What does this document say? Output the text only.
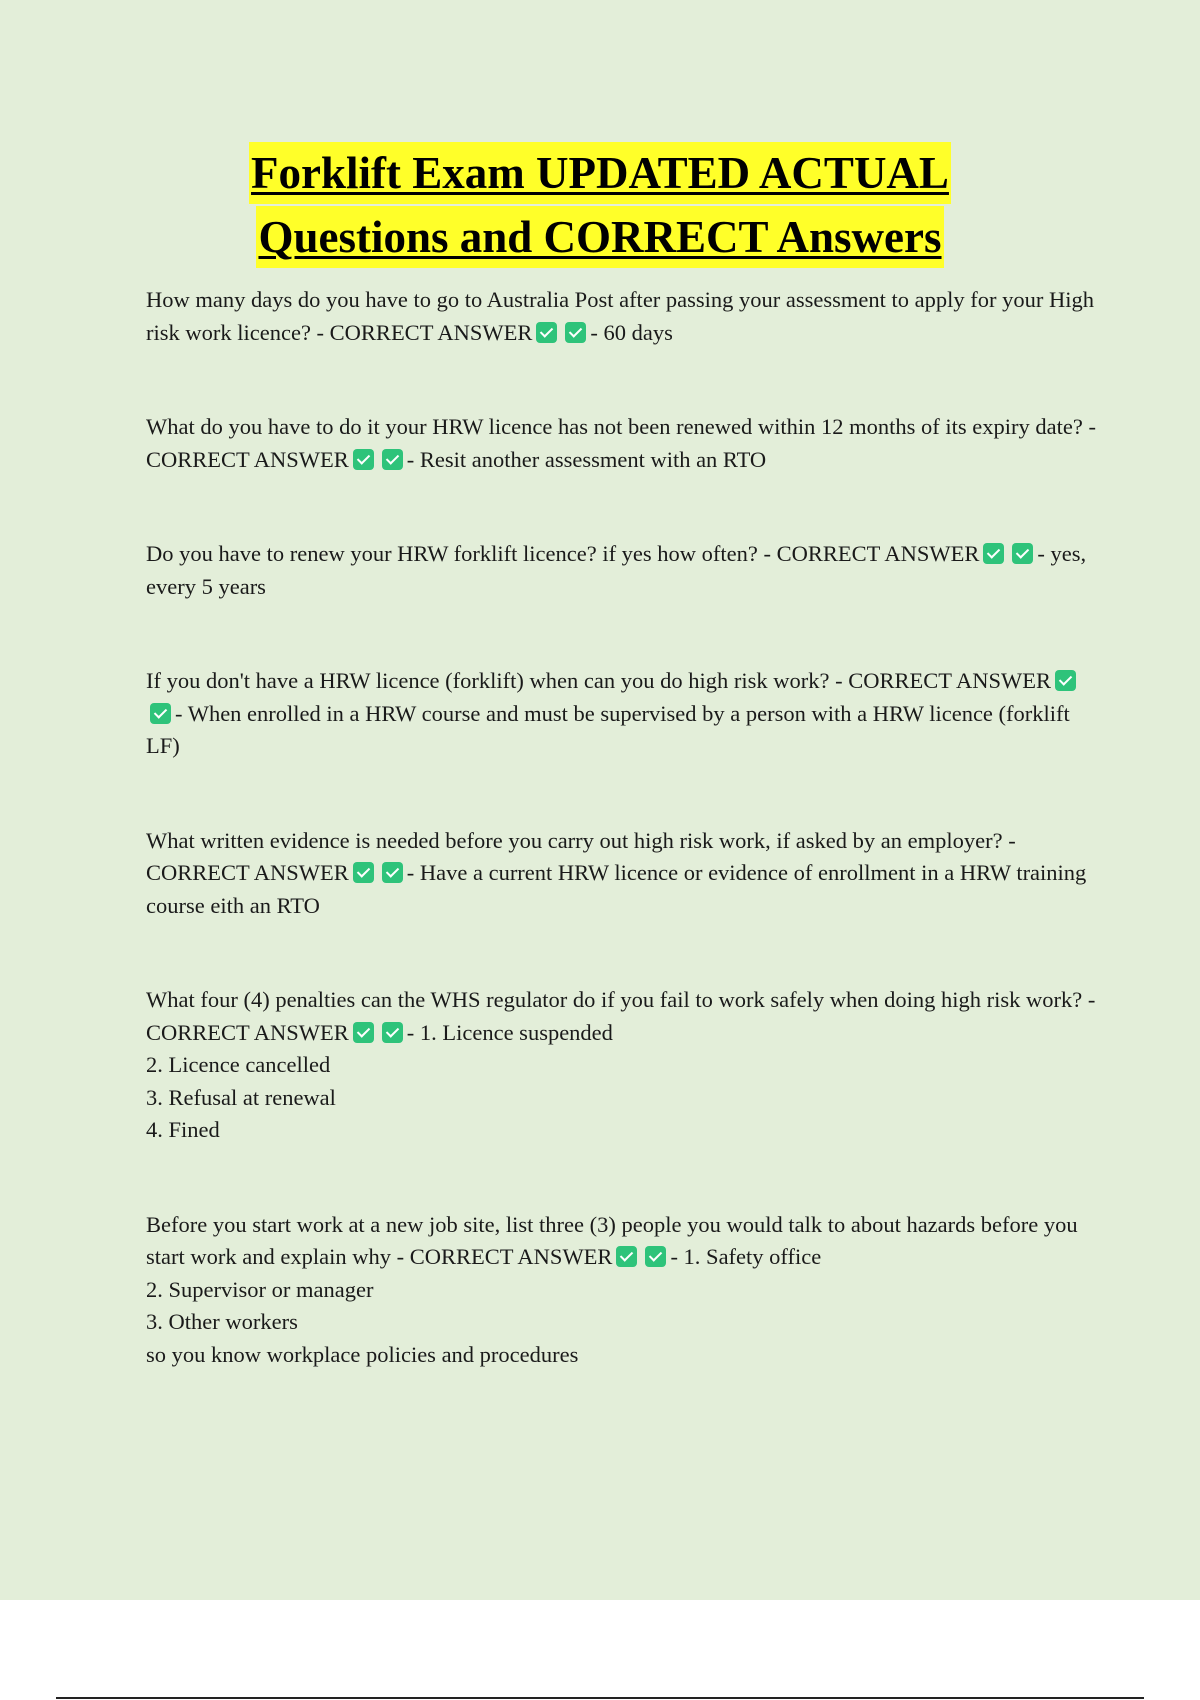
Forklift Exam UPDATED ACTUAL
Questions and CORRECT Answers

How many days do you have to go to Australia Post after passing your assessment to apply for your High risk work licence? - CORRECT ANSWER	- 60 days

What do you have to do it your HRW licence has not been renewed within 12 months of its expiry date? - CORRECT ANSWER	- Resit another assessment with an RTO

Do you have to renew your HRW forklift licence? if yes how often? - CORRECT ANSWER	- yes, every 5 years

If you don't have a HRW licence (forklift) when can you do high risk work? - CORRECT ANSWER- When enrolled in a HRW course and must be supervised by a person with a HRW licence (forklift LF)

What written evidence is needed before you carry out high risk work, if asked by an employer? - CORRECT ANSWER	- Have a current HRW licence or evidence of enrollment in a HRW training course eith an RTO

What four (4) penalties can the WHS regulator do if you fail to work safely when doing high risk work? - CORRECT ANSWER	- 1. Licence suspended

2. Licence cancelled

3. Refusal at renewal

4. Fined

Before you start work at a new job site, list three (3) people you would talk to about hazards before you start work and explain why - CORRECT ANSWER	- 1. Safety office

2. Supervisor or manager

3. Other workers

so you know workplace policies and procedures
